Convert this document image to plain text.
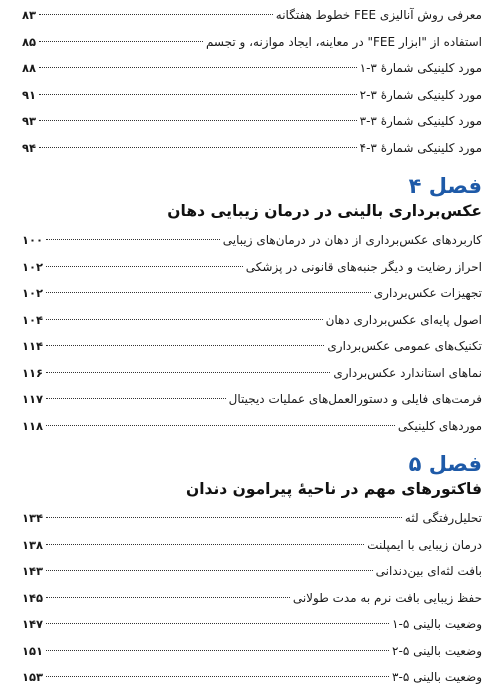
معرفی روش آنالیزی FEE خطوط هفتگانه
۸۳
استفاده از "ابزار FEE" در معاینه، ایجاد موازنه، و تجسم
۸۵
مورد کلینیکی شمارهٔ ۳-۱
۸۸
مورد کلینیکی شمارهٔ ۳-۲
۹۱
مورد کلینیکی شمارهٔ ۳-۳
۹۳
مورد کلینیکی شمارهٔ ۳-۴
۹۴
فصل ۴
عکس‌برداری بالینی در درمان زیبایی دهان
کاربردهای عکس‌برداری از دهان در درمان‌های زیبایی
۱۰۰
احراز رضایت و دیگر جنبه‌های قانونی در پزشکی
۱۰۲
تجهیزات عکس‌برداری
۱۰۲
اصول پایه‌ای عکس‌برداری دهان
۱۰۴
تکنیک‌های عمومی عکس‌برداری
۱۱۴
نماهای استاندارد عکس‌برداری
۱۱۶
فرمت‌های فایلی و دستورالعمل‌های عملیات دیجیتال
۱۱۷
موردهای کلینیکی
۱۱۸
فصل ۵
فاکتورهای مهم در ناحیهٔ پیرامون دندان
تحلیل‌رفتگی لثه
۱۳۴
درمان زیبایی با ایمپلنت
۱۳۸
بافت لثه‌ای بین‌دندانی
۱۴۳
حفظ زیبایی بافت نرم به مدت طولانی
۱۴۵
وضعیت بالینی ۵-۱
۱۴۷
وضعیت بالینی ۵-۲
۱۵۱
وضعیت بالینی ۵-۳
۱۵۳
